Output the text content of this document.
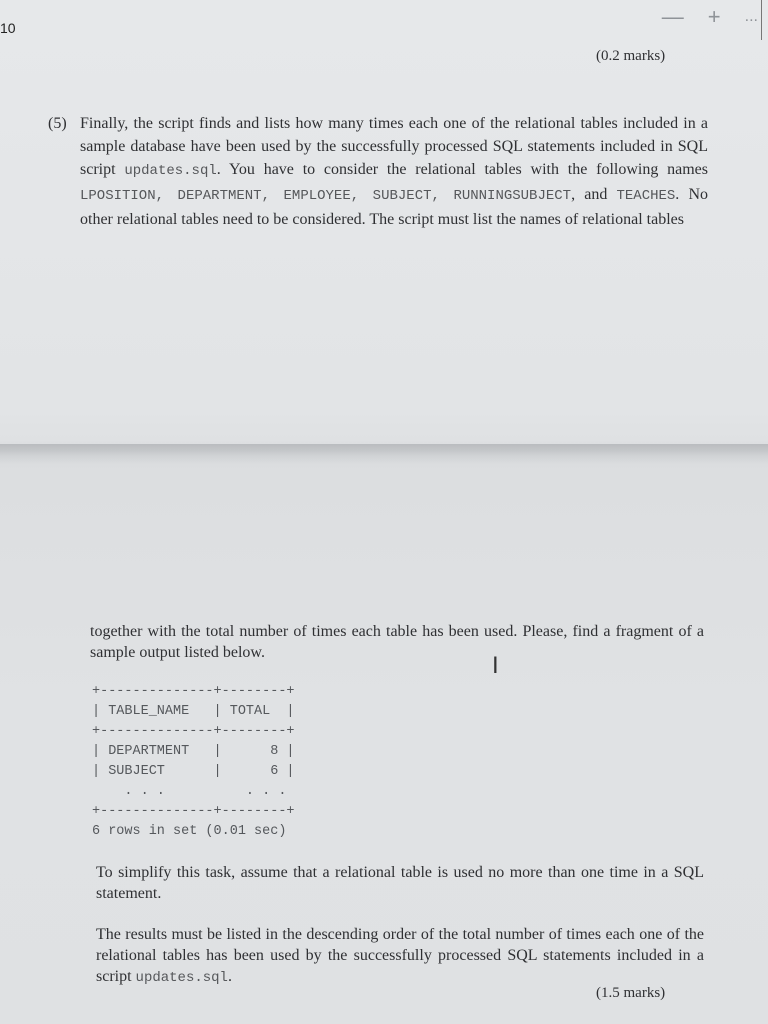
10	— + ...
(0.2 marks)
(5) Finally, the script finds and lists how many times each one of the relational tables included in a sample database have been used by the successfully processed SQL statements included in SQL script updates.sql. You have to consider the relational tables with the following names LPOSITION, DEPARTMENT, EMPLOYEE, SUBJECT, RUNNINGSUBJECT, and TEACHES. No other relational tables need to be considered. The script must list the names of relational tables
together with the total number of times each table has been used. Please, find a fragment of a sample output listed below.	I
+--------------+--------+
| TABLE_NAME   | TOTAL  |
+--------------+--------+
| DEPARTMENT   |      8 |
| SUBJECT      |      6 |
. . .          . . .
+--------------+--------+
6 rows in set (0.01 sec)
To simplify this task, assume that a relational table is used no more than one time in a SQL statement.
The results must be listed in the descending order of the total number of times each one of the relational tables has been used by the successfully processed SQL statements included in a script updates.sql.
(1.5 marks)
